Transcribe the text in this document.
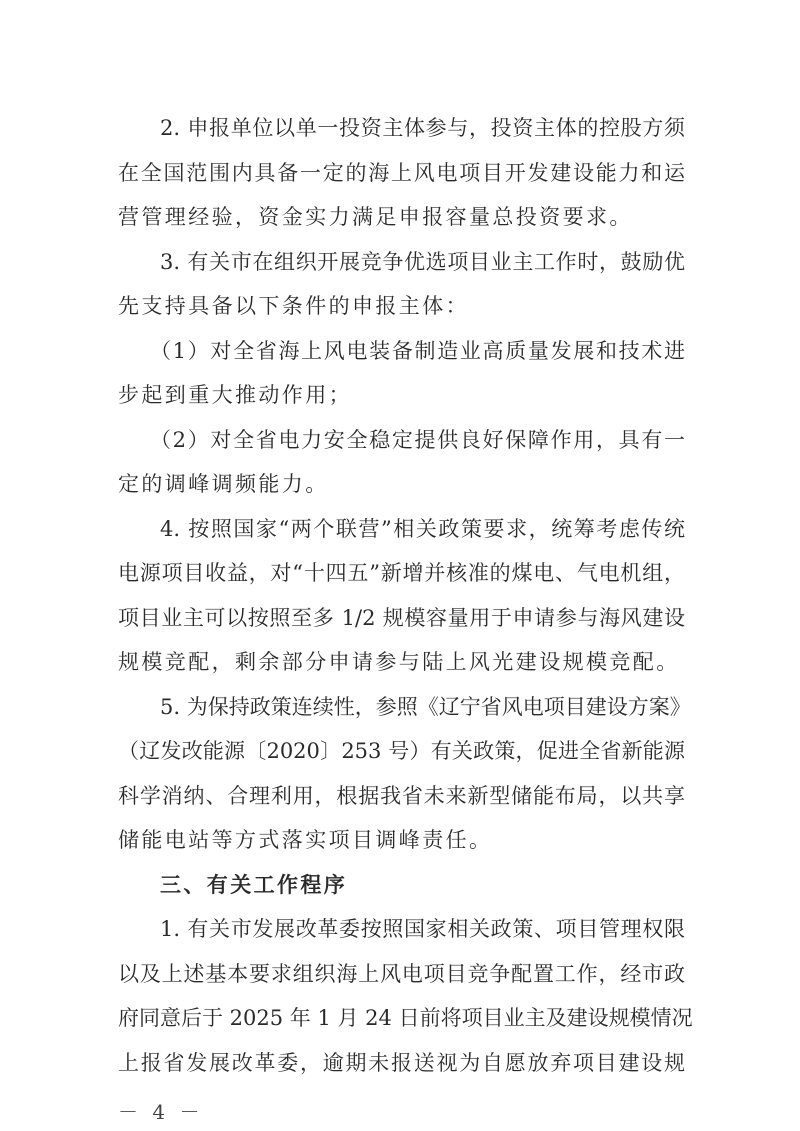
2. 申报单位以单一投资主体参与，投资主体的控股方须
在全国范围内具备一定的海上风电项目开发建设能力和运
营管理经验，资金实力满足申报容量总投资要求。
3. 有关市在组织开展竞争优选项目业主工作时，鼓励优
先支持具备以下条件的申报主体：
（1）对全省海上风电装备制造业高质量发展和技术进
步起到重大推动作用；
（2）对全省电力安全稳定提供良好保障作用，具有一
定的调峰调频能力。
4. 按照国家“两个联营”相关政策要求，统筹考虑传统
电源项目收益，对“十四五”新增并核准的煤电、气电机组，
项目业主可以按照至多 1/2 规模容量用于申请参与海风建设
规模竞配，剩余部分申请参与陆上风光建设规模竞配。
5. 为保持政策连续性，参照《辽宁省风电项目建设方案》
（辽发改能源〔2020〕253 号）有关政策，促进全省新能源
科学消纳、合理利用，根据我省未来新型储能布局，以共享
储能电站等方式落实项目调峰责任。
三、有关工作程序
1. 有关市发展改革委按照国家相关政策、项目管理权限
以及上述基本要求组织海上风电项目竞争配置工作，经市政
府同意后于 2025 年 1 月 24 日前将项目业主及建设规模情况
上报省发展改革委，逾期未报送视为自愿放弃项目建设规
－ 4 －
